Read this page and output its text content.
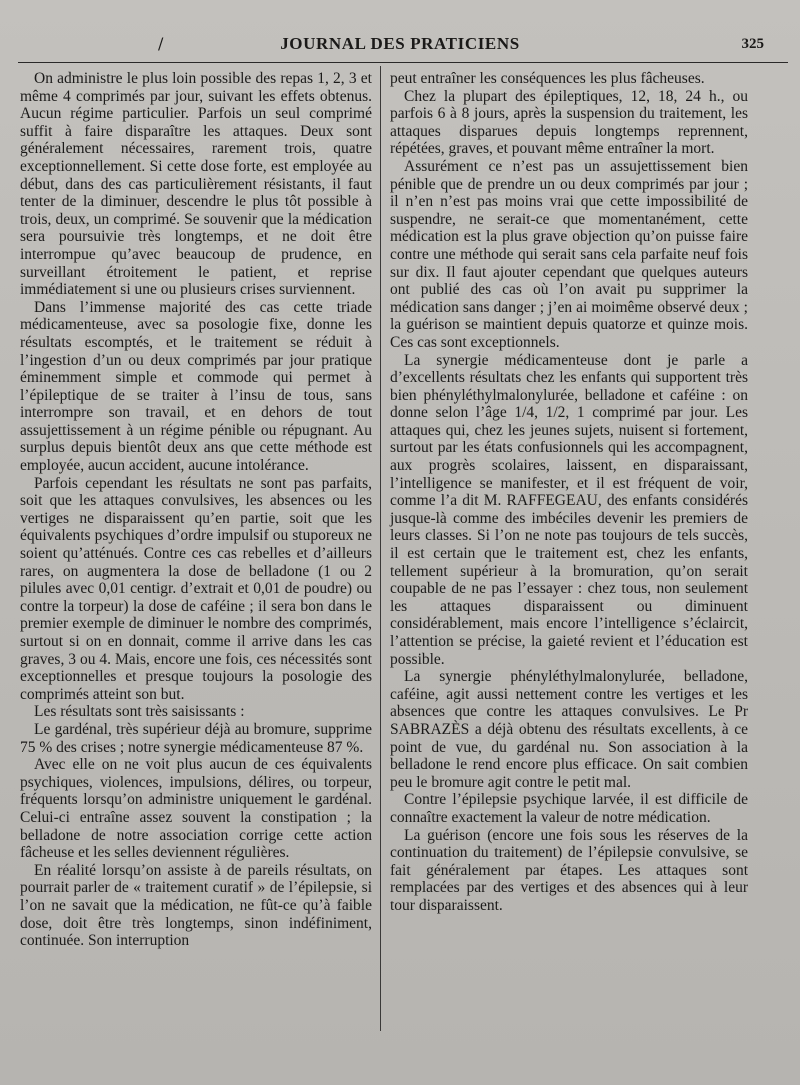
/	JOURNAL DES PRATICIENS	325

On administre le plus loin possible des repas 1, 2, 3 et même 4 comprimés par jour, suivant les effets obtenus. Aucun régime particulier. Parfois un seul comprimé suffit à faire disparaître les attaques. Deux sont généralement nécessaires, rarement trois, quatre exceptionnellement. Si cette dose forte, est employée au début, dans des cas particulièrement résistants, il faut tenter de la diminuer, descendre le plus tôt possible à trois, deux, un comprimé. Se souvenir que la médication sera poursuivie très longtemps, et ne doit être interrompue qu’avec beaucoup de prudence, en surveillant étroitement le patient, et reprise immédiatement si une ou plusieurs crises surviennent.

Dans l’immense majorité des cas cette triade médicamenteuse, avec sa posologie fixe, donne les résultats escomptés, et le traitement se réduit à l’ingestion d’un ou deux comprimés par jour pratique éminemment simple et commode qui permet à l’épileptique de se traiter à l’insu de tous, sans interrompre son travail, et en dehors de tout assujettissement à un régime pénible ou répugnant. Au surplus depuis bientôt deux ans que cette méthode est employée, aucun accident, aucune intolérance.

Parfois cependant les résultats ne sont pas parfaits, soit que les attaques convulsives, les absences ou les vertiges ne disparaissent qu’en partie, soit que les équivalents psychiques d’ordre impulsif ou stuporeux ne soient qu’atténués. Contre ces cas rebelles et d’ailleurs rares, on augmentera la dose de belladone (1 ou 2 pilules avec 0,01 centigr. d’extrait et 0,01 de poudre) ou contre la torpeur) la dose de caféine ; il sera bon dans le premier exemple de diminuer le nombre des comprimés, surtout si on en donnait, comme il arrive dans les cas graves, 3 ou 4. Mais, encore une fois, ces nécessités sont exceptionnelles et presque toujours la posologie des comprimés atteint son but.

Les résultats sont très saisissants :

Le gardénal, très supérieur déjà au bromure, supprime 75 % des crises ; notre synergie médicamenteuse 87 %.

Avec elle on ne voit plus aucun de ces équivalents psychiques, violences, impulsions, délires, ou torpeur, fréquents lorsqu’on administre uniquement le gardénal. Celui-ci entraîne assez souvent la constipation ; la belladone de notre association corrige cette action fâcheuse et les selles deviennent régulières.

En réalité lorsqu’on assiste à de pareils résultats, on pourrait parler de « traitement curatif » de l’épilepsie, si l’on ne savait que la médication, ne fût-ce qu’à faible dose, doit être très longtemps, sinon indéfiniment, continuée. Son interruption

peut entraîner les conséquences les plus fâcheuses.

Chez la plupart des épileptiques, 12, 18, 24 h., ou parfois 6 à 8 jours, après la suspension du traitement, les attaques disparues depuis longtemps reprennent, répétées, graves, et pouvant même entraîner la mort.

Assurément ce n’est pas un assujettissement bien pénible que de prendre un ou deux comprimés par jour ; il n’en n’est pas moins vrai que cette impossibilité de suspendre, ne serait-ce que momentanément, cette médication est la plus grave objection qu’on puisse faire contre une méthode qui serait sans cela parfaite neuf fois sur dix. Il faut ajouter cependant que quelques auteurs ont publié des cas où l’on avait pu supprimer la médication sans danger ; j’en ai moimême observé deux ; la guérison se maintient depuis quatorze et quinze mois. Ces cas sont exceptionnels.

La synergie médicamenteuse dont je parle a d’excellents résultats chez les enfants qui supportent très bien phényléthylmalonylurée, belladone et caféine : on donne selon l’âge 1/4, 1/2, 1 comprimé par jour. Les attaques qui, chez les jeunes sujets, nuisent si fortement, surtout par les états confusionnels qui les accompagnent, aux progrès scolaires, laissent, en disparaissant, l’intelligence se manifester, et il est fréquent de voir, comme l’a dit M. RAFFEGEAU, des enfants considérés jusque-là comme des imbéciles devenir les premiers de leurs classes. Si l’on ne note pas toujours de tels succès, il est certain que le traitement est, chez les enfants, tellement supérieur à la bromuration, qu’on serait coupable de ne pas l’essayer : chez tous, non seulement les attaques disparaissent ou diminuent considérablement, mais encore l’intelligence s’éclaircit, l’attention se précise, la gaieté revient et l’éducation est possible.

La synergie phényléthylmalonylurée, belladone, caféine, agit aussi nettement contre les vertiges et les absences que contre les attaques convulsives. Le Pr SABRAZÈS a déjà obtenu des résultats excellents, à ce point de vue, du gardénal nu. Son association à la belladone le rend encore plus efficace. On sait combien peu le bromure agit contre le petit mal.

Contre l’épilepsie psychique larvée, il est difficile de connaître exactement la valeur de notre médication.

La guérison (encore une fois sous les réserves de la continuation du traitement) de l’épilepsie convulsive, se fait généralement par étapes. Les attaques sont remplacées par des vertiges et des absences qui à leur tour disparaissent.
